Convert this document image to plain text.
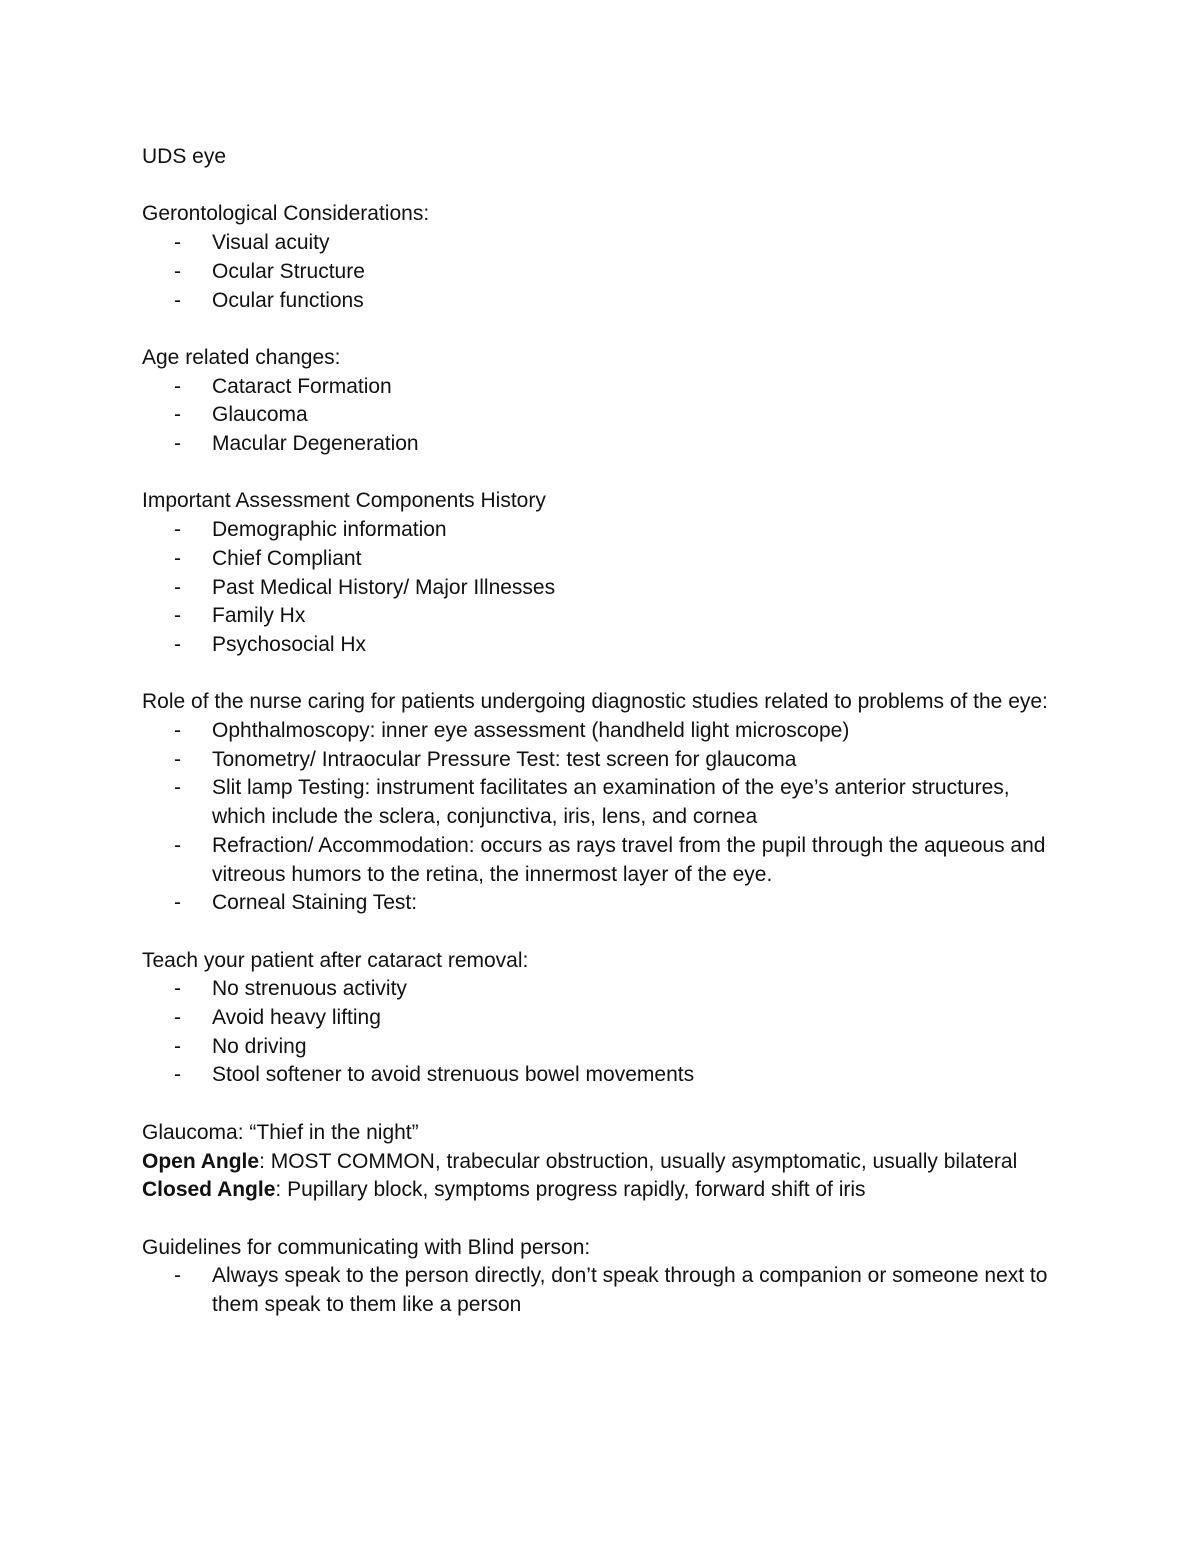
UDS eye
Gerontological Considerations:
- Visual acuity
- Ocular Structure
- Ocular functions
Age related changes:
- Cataract Formation
- Glaucoma
- Macular Degeneration
Important Assessment Components History
- Demographic information
- Chief Compliant
- Past Medical History/ Major Illnesses
- Family Hx
- Psychosocial Hx
Role of the nurse caring for patients undergoing diagnostic studies related to problems of the eye:
- Ophthalmoscopy: inner eye assessment (handheld light microscope)
- Tonometry/ Intraocular Pressure Test: test screen for glaucoma
- Slit lamp Testing: instrument facilitates an examination of the eye’s anterior structures, which include the sclera, conjunctiva, iris, lens, and cornea
- Refraction/ Accommodation: occurs as rays travel from the pupil through the aqueous and vitreous humors to the retina, the innermost layer of the eye.
- Corneal Staining Test:
Teach your patient after cataract removal:
- No strenuous activity
- Avoid heavy lifting
- No driving
- Stool softener to avoid strenuous bowel movements
Glaucoma: “Thief in the night”
Open Angle: MOST COMMON, trabecular obstruction, usually asymptomatic, usually bilateral
Closed Angle: Pupillary block, symptoms progress rapidly, forward shift of iris
Guidelines for communicating with Blind person:
- Always speak to the person directly, don’t speak through a companion or someone next to them speak to them like a person
